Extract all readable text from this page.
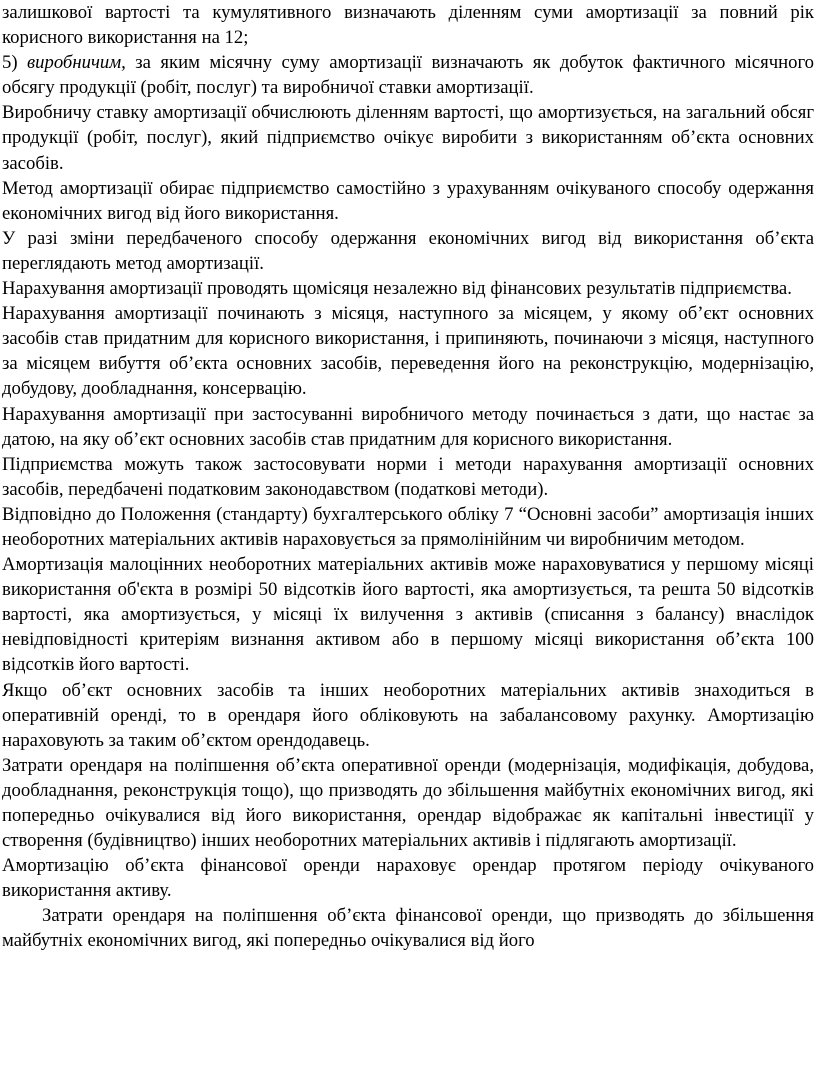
залишкової вартості та кумулятивного визначають діленням суми амортизації за повний рік корисного використання на 12;

5) виробничим, за яким місячну суму амортизації визначають як добуток фактичного місячного обсягу продукції (робіт, послуг) та виробничої ставки амортизації.

Виробничу ставку амортизації обчислюють діленням вартості, що амортизується, на загальний обсяг продукції (робіт, послуг), який підприємство очікує виробити з використанням об’єкта основних засобів.

Метод амортизації обирає підприємство самостійно з урахуванням очікуваного способу одержання економічних вигод від його використання.

У разі зміни передбаченого способу одержання економічних вигод від використання об’єкта переглядають метод амортизації.

Нарахування амортизації проводять щомісяця незалежно від фінансових результатів підприємства.

Нарахування амортизації починають з місяця, наступного за місяцем, у якому об’єкт основних засобів став придатним для корисного використання, і припиняють, починаючи з місяця, наступного за місяцем вибуття об’єкта основних засобів, переведення його на реконструкцію, модернізацію, добудову, дообладнання, консервацію.

Нарахування амортизації при застосуванні виробничого методу починається з дати, що настає за датою, на яку об’єкт основних засобів став придатним для корисного використання.

Підприємства можуть також застосовувати норми і методи нарахування амортизації основних засобів, передбачені податковим законодавством (податкові методи).

Відповідно до Положення (стандарту) бухгалтерського обліку 7 “Основні засоби” амортизація інших необоротних матеріальних активів нараховується за прямолінійним чи виробничим методом.

Амортизація малоцінних необоротних матеріальних активів може нараховуватися у першому місяці використання об'єкта в розмірі 50 відсотків його вартості, яка амортизується, та решта 50 відсотків вартості, яка амортизується, у місяці їх вилучення з активів (списання з балансу) внаслідок невідповідності критеріям визнання активом або в першому місяці використання об’єкта 100 відсотків його вартості.

Якщо об’єкт основних засобів та інших необоротних матеріальних активів знаходиться в оперативній оренді, то в орендаря його обліковують на забалансовому рахунку. Амортизацію нараховують за таким об’єктом орендодавець.

Затрати орендаря на поліпшення об’єкта оперативної оренди (модернізація, модифікація, добудова, дообладнання, реконструкція тощо), що призводять до збільшення майбутніх економічних вигод, які попередньо очікувалися від його використання, орендар відображає як капітальні інвестиції у створення (будівництво) інших необоротних матеріальних активів і підлягають амортизації.

Амортизацію об’єкта фінансової оренди нараховує орендар протягом періоду очікуваного використання активу.

Затрати орендаря на поліпшення об’єкта фінансової оренди, що призводять до збільшення майбутніх економічних вигод, які попередньо очікувалися від його
